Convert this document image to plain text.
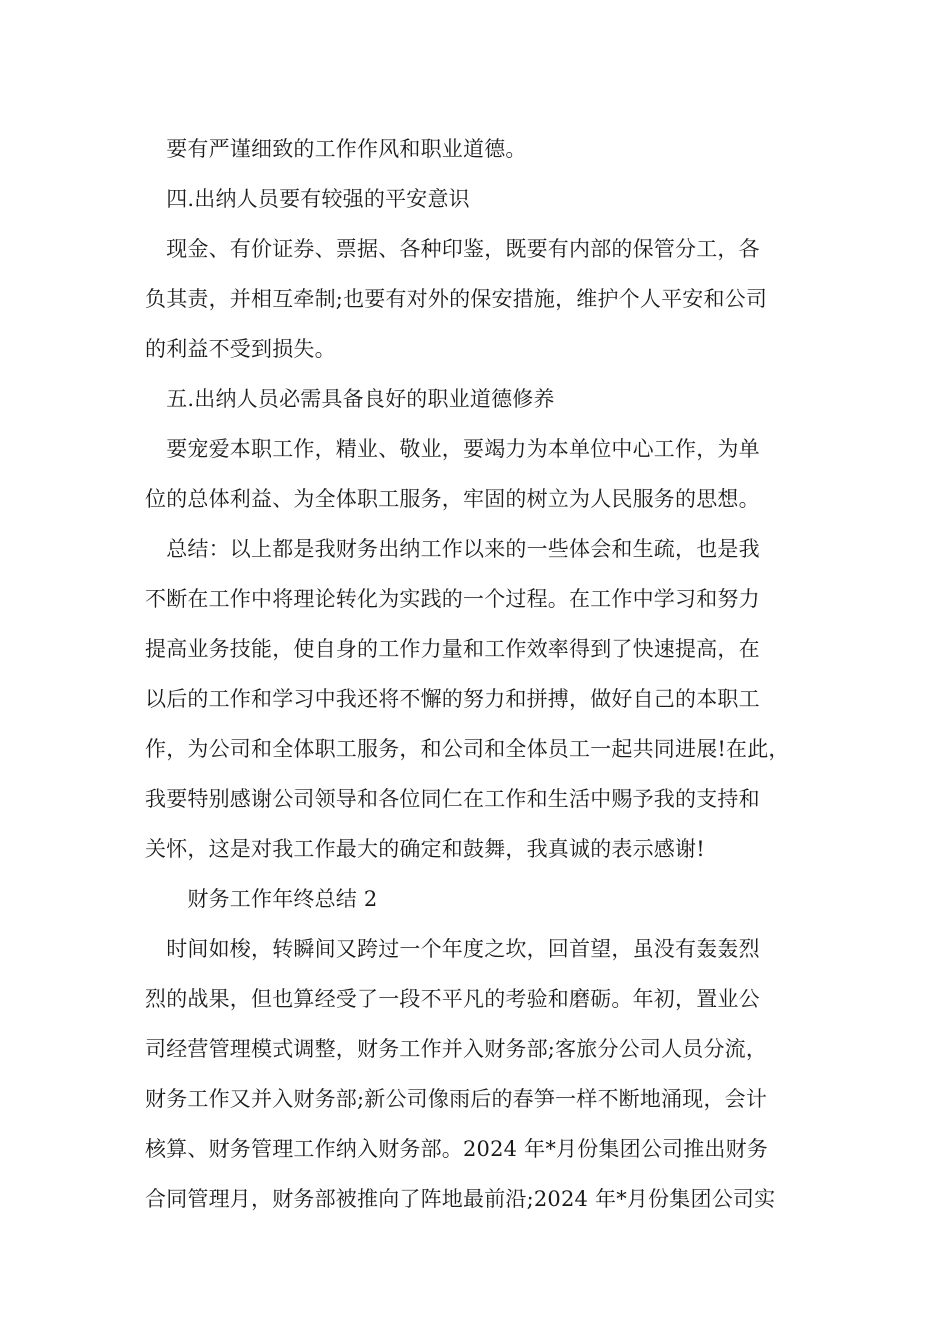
　要有严谨细致的工作作风和职业道德。
　四.出纳人员要有较强的平安意识
　现金、有价证券、票据、各种印鉴，既要有内部的保管分工，各
负其责，并相互牵制;也要有对外的保安措施，维护个人平安和公司
的利益不受到损失。
　五.出纳人员必需具备良好的职业道德修养
　要宠爱本职工作，精业、敬业，要竭力为本单位中心工作，为单
位的总体利益、为全体职工服务，牢固的树立为人民服务的思想。
　总结：以上都是我财务出纳工作以来的一些体会和生疏，也是我
不断在工作中将理论转化为实践的一个过程。在工作中学习和努力
提高业务技能，使自身的工作力量和工作效率得到了快速提高，在
以后的工作和学习中我还将不懈的努力和拼搏，做好自己的本职工
作，为公司和全体职工服务，和公司和全体员工一起共同进展!在此，
我要特别感谢公司领导和各位同仁在工作和生活中赐予我的支持和
关怀，这是对我工作最大的确定和鼓舞，我真诚的表示感谢!
　　财务工作年终总结 2
　时间如梭，转瞬间又跨过一个年度之坎，回首望，虽没有轰轰烈
烈的战果，但也算经受了一段不平凡的考验和磨砺。年初，置业公
司经营管理模式调整，财务工作并入财务部;客旅分公司人员分流，
财务工作又并入财务部;新公司像雨后的春笋一样不断地涌现，会计
核算、财务管理工作纳入财务部。2024 年*月份集团公司推出财务
合同管理月，财务部被推向了阵地最前沿;2024 年*月份集团公司实
